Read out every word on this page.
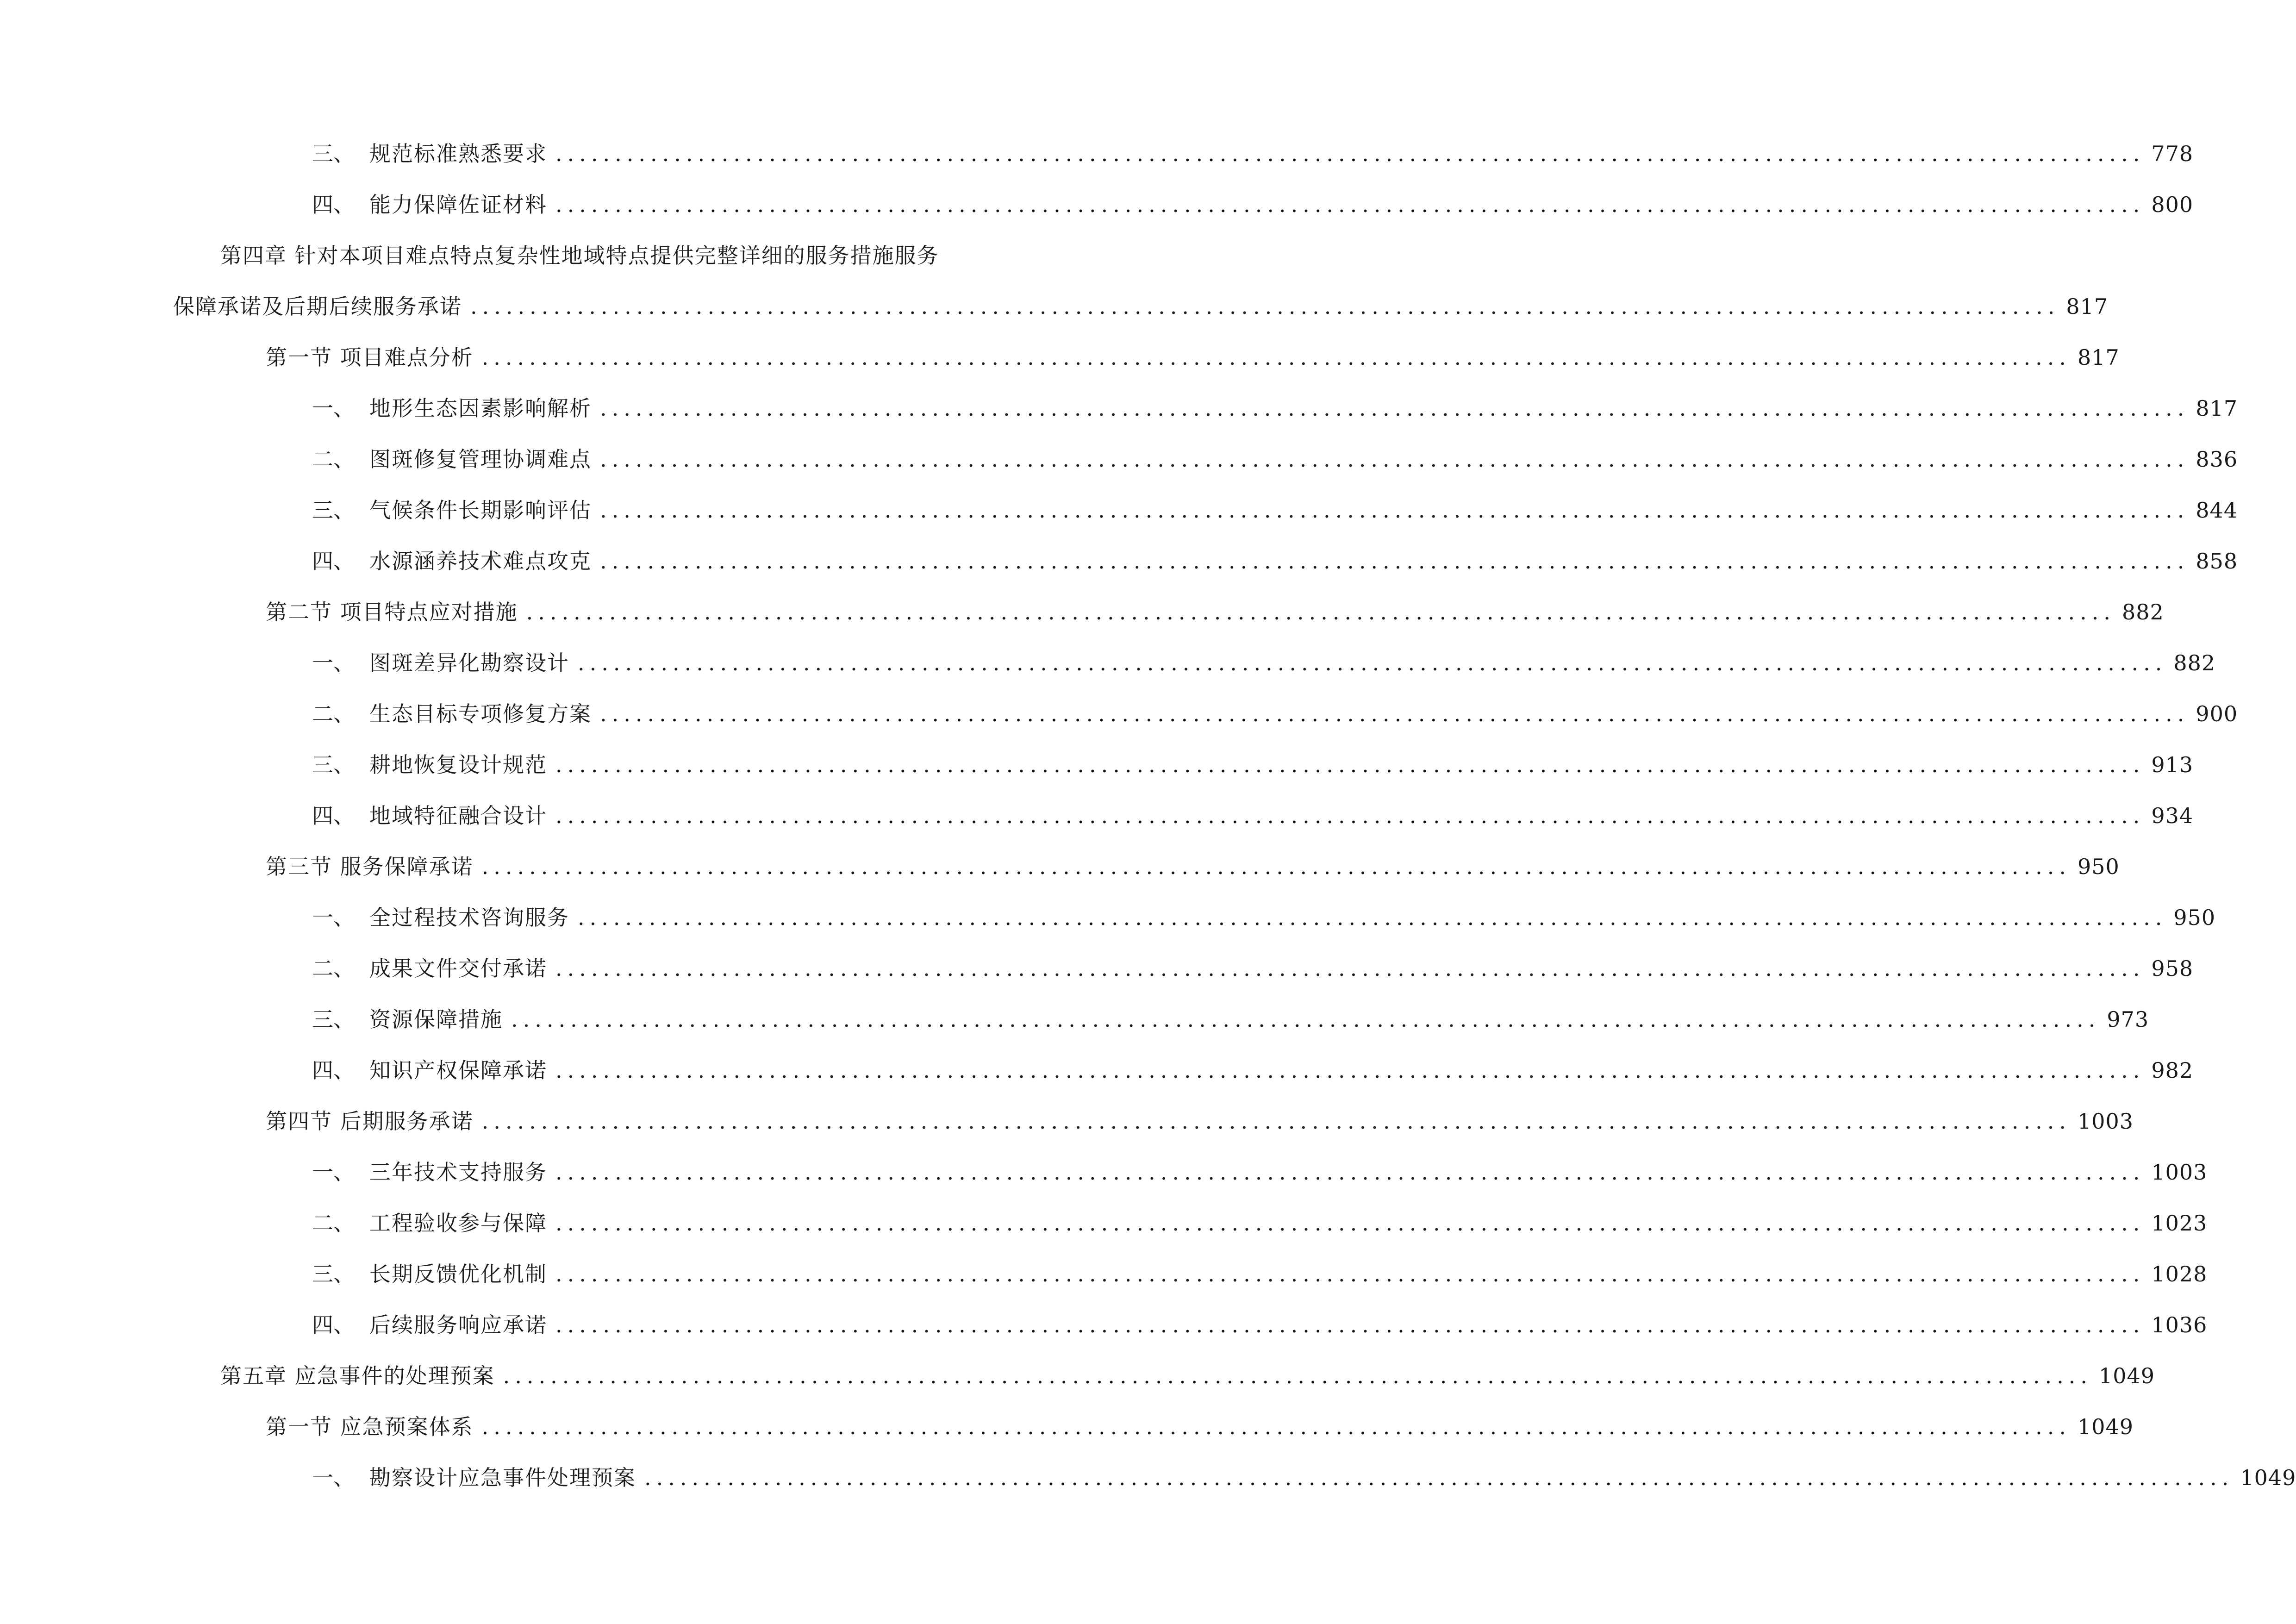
三、 规范标准熟悉要求 ...................................................................................................................................... 778
四、 能力保障佐证材料 ...................................................................................................................................... 800
第四章 针对本项目难点特点复杂性地域特点提供完整详细的服务措施服务
保障承诺及后期后续服务承诺 ...................................................................................................................................... 817
第一节 项目难点分析 ...................................................................................................................................... 817
一、 地形生态因素影响解析 ...................................................................................................................................... 817
二、 图斑修复管理协调难点 ...................................................................................................................................... 836
三、 气候条件长期影响评估 ...................................................................................................................................... 844
四、 水源涵养技术难点攻克 ...................................................................................................................................... 858
第二节 项目特点应对措施 ...................................................................................................................................... 882
一、 图斑差异化勘察设计 ...................................................................................................................................... 882
二、 生态目标专项修复方案 ...................................................................................................................................... 900
三、 耕地恢复设计规范 ...................................................................................................................................... 913
四、 地域特征融合设计 ...................................................................................................................................... 934
第三节 服务保障承诺 ...................................................................................................................................... 950
一、 全过程技术咨询服务 ...................................................................................................................................... 950
二、 成果文件交付承诺 ...................................................................................................................................... 958
三、 资源保障措施 ...................................................................................................................................... 973
四、 知识产权保障承诺 ...................................................................................................................................... 982
第四节 后期服务承诺 ...................................................................................................................................... 1003
一、 三年技术支持服务 ...................................................................................................................................... 1003
二、 工程验收参与保障 ...................................................................................................................................... 1023
三、 长期反馈优化机制 ...................................................................................................................................... 1028
四、 后续服务响应承诺 ...................................................................................................................................... 1036
第五章 应急事件的处理预案 ...................................................................................................................................... 1049
第一节 应急预案体系 ...................................................................................................................................... 1049
一、 勘察设计应急事件处理预案 ...................................................................................................................................... 1049
